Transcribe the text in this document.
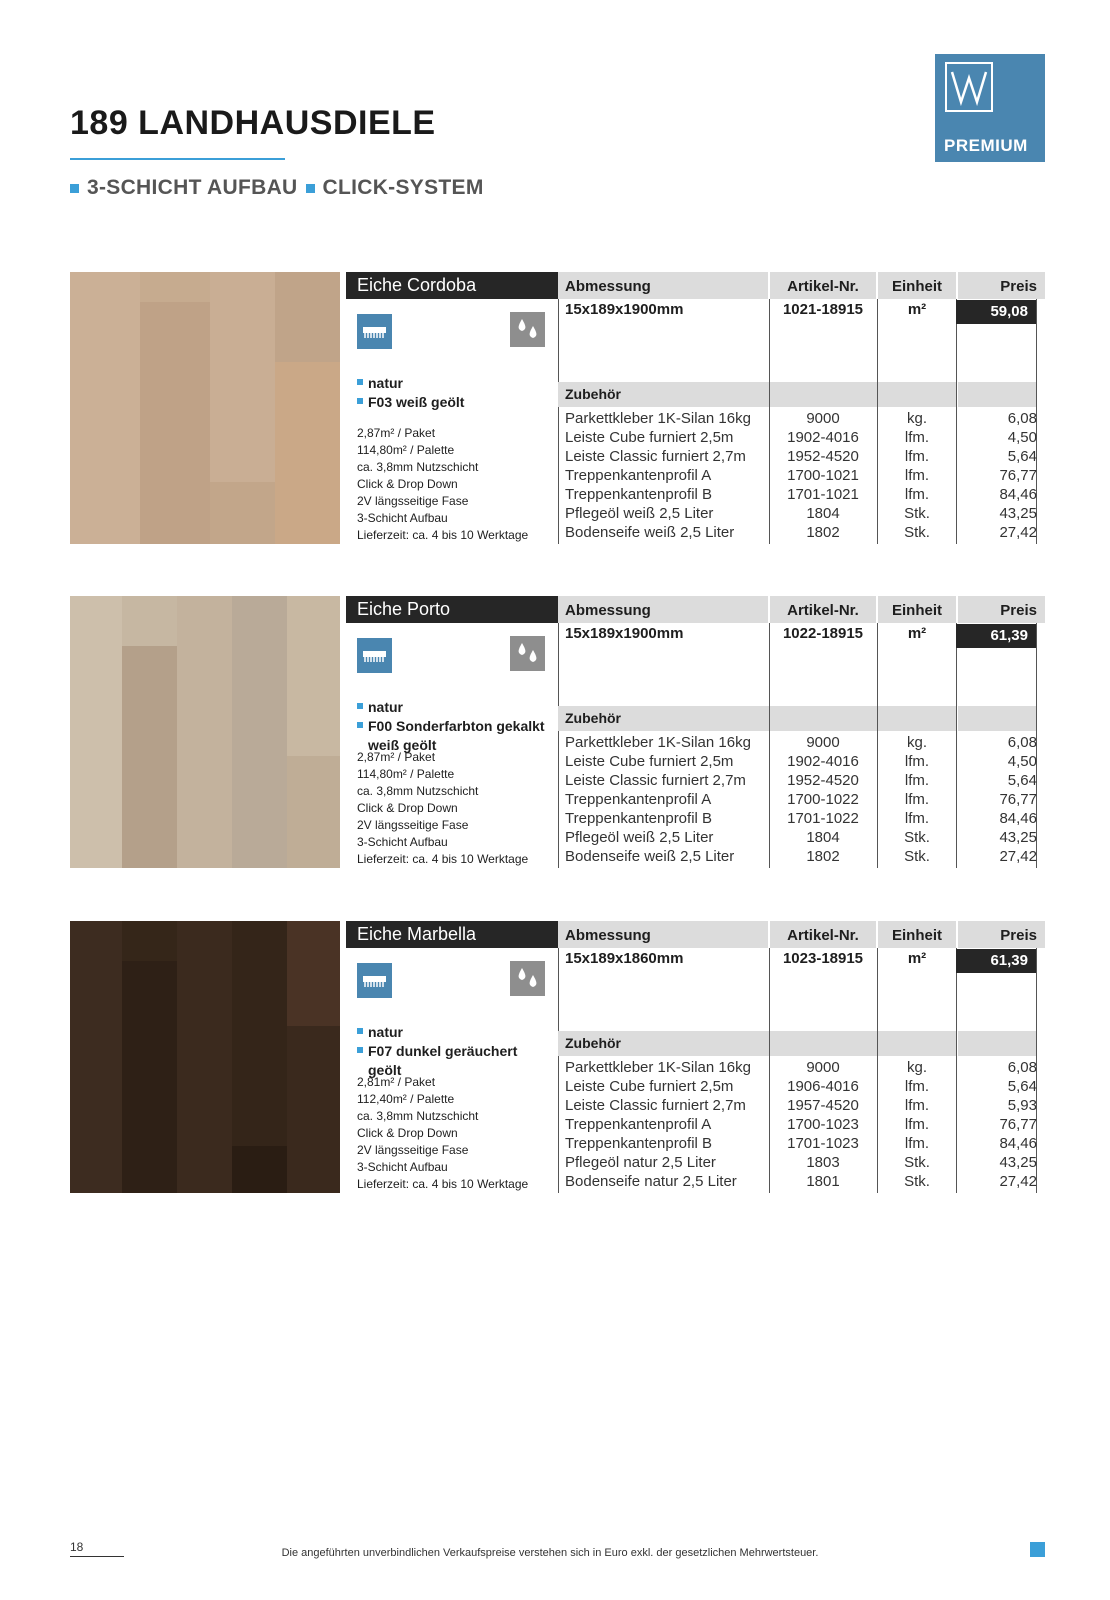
189 LANDHAUSDIELE
3-SCHICHT AUFBAU CLICK-SYSTEM
PREMIUM
Eiche Cordoba
natur
F03 weiß geölt
2,87m² / Paket
114,80m² / Palette
ca. 3,8mm Nutzschicht
Click & Drop Down
2V längsseitige Fase
3-Schicht Aufbau
Lieferzeit: ca. 4 bis 10 Werktage
Abmessung	Artikel-Nr.	Einheit	Preis
15x189x1900mm	1021-18915	m²	59,08
Zubehör
Parkettkleber 1K-Silan 16kg	9000	kg.	6,08
Leiste Cube furniert 2,5m	1902-4016	lfm.	4,50
Leiste Classic furniert 2,7m	1952-4520	lfm.	5,64
Treppenkantenprofil A	1700-1021	lfm.	76,77
Treppenkantenprofil B	1701-1021	lfm.	84,46
Pflegeöl weiß 2,5 Liter	1804	Stk.	43,25
Bodenseife weiß 2,5 Liter	1802	Stk.	27,42
Eiche Porto
natur
F00 Sonderfarbton gekalkt weiß geölt
2,87m² / Paket
114,80m² / Palette
ca. 3,8mm Nutzschicht
Click & Drop Down
2V längsseitige Fase
3-Schicht Aufbau
Lieferzeit: ca. 4 bis 10 Werktage
Abmessung	Artikel-Nr.	Einheit	Preis
15x189x1900mm	1022-18915	m²	61,39
Zubehör
Parkettkleber 1K-Silan 16kg	9000	kg.	6,08
Leiste Cube furniert 2,5m	1902-4016	lfm.	4,50
Leiste Classic furniert 2,7m	1952-4520	lfm.	5,64
Treppenkantenprofil A	1700-1022	lfm.	76,77
Treppenkantenprofil B	1701-1022	lfm.	84,46
Pflegeöl weiß 2,5 Liter	1804	Stk.	43,25
Bodenseife weiß 2,5 Liter	1802	Stk.	27,42
Eiche Marbella
natur
F07 dunkel geräuchert geölt
2,81m² / Paket
112,40m² / Palette
ca. 3,8mm Nutzschicht
Click & Drop Down
2V längsseitige Fase
3-Schicht Aufbau
Lieferzeit: ca. 4 bis 10 Werktage
Abmessung	Artikel-Nr.	Einheit	Preis
15x189x1860mm	1023-18915	m²	61,39
Zubehör
Parkettkleber 1K-Silan 16kg	9000	kg.	6,08
Leiste Cube furniert 2,5m	1906-4016	lfm.	5,64
Leiste Classic furniert 2,7m	1957-4520	lfm.	5,93
Treppenkantenprofil A	1700-1023	lfm.	76,77
Treppenkantenprofil B	1701-1023	lfm.	84,46
Pflegeöl natur 2,5 Liter	1803	Stk.	43,25
Bodenseife natur 2,5 Liter	1801	Stk.	27,42
18	Die angeführten unverbindlichen Verkaufspreise verstehen sich in Euro exkl. der gesetzlichen Mehrwertsteuer.
